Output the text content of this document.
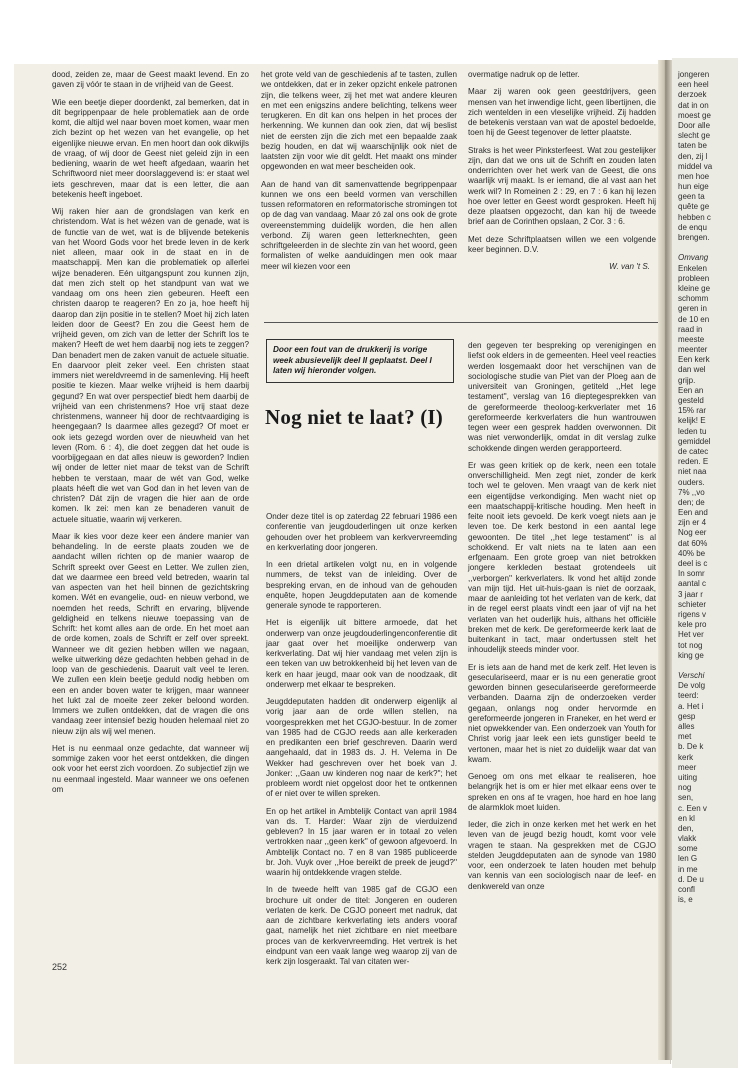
jongeren
een heel
derzoek
dat in on
moest ge
Door alle
slecht ge
taten be
den, zij l
middel va
men hoe
hun eige
geen ta
quête ge
hebben c
de enqu
brengen.
Omvang
Enkelen
probleen
kleine ge
schomm
geren in
de 10 en
raad in
meeste
meenter
Een kerk
dan wel
grijp.
Een an
gesteld
15% rar
kelijk! E
leden tu
gemiddel
de catec
reden. E
niet naa
ouders.
7% ,,vo
den; de
Een and
zijn er 4
Nog eer
dat 60%
40% be
deel is c
In somr
aantal c
3 jaar r
schieter
rigens v
kele pro
Het ver
tot nog
king ge
Verschi
De volg
teerd:
a. Het i
gesp
alles
met
b. De k
kerk
meer
uiting
nog
sen,
c. Een v
en kl
den,
vlakk
some
len G
in me
d. De u
confl
is, e

dood, zeiden ze, maar de Geest maakt levend. En zo gaven zij vóór te staan in de vrijheid van de Geest.

Wie een beetje dieper doordenkt, zal bemerken, dat in dit begrippenpaar de hele problematiek aan de orde komt, die altijd wel naar boven moet komen, waar men zich bezint op het wezen van het evangelie, op het eigenlijke nieuwe ervan. En men hoort dan ook dikwijls de vraag, of wij door de Geest niet geleid zijn in een bediening, waarin de wet heeft afgedaan, waarin het Schriftwoord niet meer doorslaggevend is: er staat wel iets geschreven, maar dat is een letter, die aan betekenis heeft ingeboet.

Wij raken hier aan de grondslagen van kerk en christendom. Wat is het wézen van de genade, wat is de functie van de wet, wat is de blijvende betekenis van het Woord Gods voor het brede leven in de kerk niet alleen, maar ook in de staat en in de maatschappij. Men kan die problematiek op allerlei wijze benaderen. Eén uitgangspunt zou kunnen zijn, dat men zich stelt op het standpunt van wat we vandaag om ons heen zien gebeuren. Heeft een christen daarop te reageren? En zo ja, hoe heeft hij daarop dan zijn positie in te stellen? Moet hij zich laten leiden door de Geest? En zou die Geest hem de vrijheid geven, om zich van de letter der Schrift los te maken? Heeft de wet hem daarbij nog iets te zeggen? Dan benadert men de zaken vanuit de actuele situatie. En daarvoor pleit zeker veel. Een christen staat immers niet wereldvreemd in de samenleving. Hij heeft positie te kiezen. Maar welke vrijheid is hem daarbij gegund? En wat over perspectief biedt hem daarbij de vrijheid van een christenmens? Hoe vrij staat deze christenmens, wanneer hij door de rechtvaardiging is heengegaan? Is daarmee alles gezegd? Of moet er ook iets gezegd worden over de nieuwheid van het leven (Rom. 6 : 4), die doet zeggen dat het oude is voorbijgegaan en dat alles nieuw is geworden? Indien wij onder de letter niet maar de tekst van de Schrift hebben te verstaan, maar de wét van God, welke plaats héeft die wet van God dan in het leven van de christen? Dát zijn de vragen die hier aan de orde komen. Ik zei: men kan ze benaderen vanuit de actuele situatie, waarin wij verkeren.

Maar ik kies voor deze keer een ándere manier van behandeling. In de eerste plaats zouden we de aandacht willen richten op de manier waarop de Schrift spreekt over Geest en Letter. We zullen zien, dat we daarmee een breed veld betreden, waarin tal van aspecten van het heil binnen de gezichtskring komen. Wét en evangelie, oud- en nieuw verbond, we noemden het reeds, Schrift en ervaring, blijvende geldigheid en telkens nieuwe toepassing van de Schrift: het komt alles aan de orde. En het moet aan de orde komen, zoals de Schrift er zelf over spreekt. Wanneer we dit gezien hebben willen we nagaan, welke uitwerking déze gedachten hebben gehad in de loop van de geschiedenis. Daaruit valt veel te leren. We zullen een klein beetje geduld nodig hebben om een en ander boven water te krijgen, maar wanneer het lukt zal de moeite zeer zeker beloond worden. Immers we zullen ontdekken, dat de vragen die ons vandaag zeer intensief bezig houden helemaal niet zo nieuw zijn als wij wel menen.

Het is nu eenmaal onze gedachte, dat wanneer wij sommige zaken voor het eerst ontdekken, die dingen ook voor het eerst zich voordoen. Zo subjectief zijn we nu eenmaal ingesteld. Maar wanneer we ons oefenen om

het grote veld van de geschiedenis af te tasten, zullen we ontdekken, dat er in zeker opzicht enkele patronen zijn, die telkens weer, zij het met wat andere kleuren en met een enigszins andere belichting, telkens weer terugkeren. En dit kan ons helpen in het proces der herkenning. We kunnen dan ook zien, dat wij beslist niet de eersten zijn die zich met een bepaalde zaak bezig houden, en dat wij waarschijnlijk ook niet de laatsten zijn voor wie dit geldt. Het maakt ons minder opgewonden en wat meer bescheiden ook.

Aan de hand van dit samenvattende begrippenpaar kunnen we ons een beeld vormen van verschillen tussen reformatoren en reformatorische stromingen tot op de dag van vandaag. Maar zó zal ons ook de grote overeenstemming duidelijk worden, die hen allen verbond. Zij waren geen letterknechten, geen schriftgeleerden in de slechte zin van het woord, geen formalisten of welke aanduidingen men ook maar meer wil kiezen voor een

overmatige nadruk op de letter.

Maar zij waren ook geen geestdrijvers, geen mensen van het inwendige licht, geen libertijnen, die zich wentelden in een vleselijke vrijheid. Zij hadden de betekenis verstaan van wat de apostel bedoelde, toen hij de Geest tegenover de letter plaatste.

Straks is het weer Pinksterfeest. Wat zou gestelijker zijn, dan dat we ons uit de Schrift en zouden laten onderrichten over het werk van de Geest, die ons waarlijk vrij maakt. Is er iemand, die al vast aan het werk wil? In Romeinen 2 : 29, en 7 : 6 kan hij lezen hoe over letter en Geest wordt gesproken. Heeft hij deze plaatsen opgezocht, dan kan hij de tweede brief aan de Corinthen opslaan, 2 Cor. 3 : 6.

Met deze Schriftplaatsen willen we een volgende keer beginnen. D.V.

W. van 't S.
Door een fout van de drukkerij is vorige week abusievelijk deel II geplaatst. Deel I laten wij hieronder volgen.
Nog niet te laat? (I)

Onder deze titel is op zaterdag 22 februari 1986 een conferentie van jeugdouderlingen uit onze kerken gehouden over het probleem van kerkvervreemding en kerkverlating door jongeren.

In een drietal artikelen volgt nu, en in volgende nummers, de tekst van de inleiding. Over de bespreking ervan, en de inhoud van de gehouden enquête, hopen Jeugddeputaten aan de komende generale synode te rapporteren.

Het is eigenlijk uit bittere armoede, dat het onderwerp van onze jeugdouderlingenconferentie dit jaar gaat over het moeilijke onderwerp van kerkverlating. Dat wij hier vandaag met velen zijn is een teken van uw betrokkenheid bij het leven van de kerk en haar jeugd, maar ook van de noodzaak, dit onderwerp met elkaar te bespreken.

Jeugddeputaten hadden dit onderwerp eigenlijk al vorig jaar aan de orde willen stellen, na voorgesprekken met het CGJO-bestuur. In de zomer van 1985 had de CGJO reeds aan alle kerkeraden en predikanten een brief geschreven. Daarin werd aangehaald, dat in 1983 ds. J. H. Velema in De Wekker had geschreven over het boek van J. Jonker: ,,Gaan uw kinderen nog naar de kerk?''; het probleem wordt niet opgelost door het te ontkennen of er niet over te willen spreken.

En op het artikel in Ambtelijk Contact van april 1984 van ds. T. Harder: Waar zijn de vierduizend gebleven? In 15 jaar waren er in totaal zo velen vertrokken naar ,,geen kerk'' of gewoon afgevoerd. In Ambtelijk Contact no. 7 en 8 van 1985 publiceerde br. Joh. Vuyk over ,,Hoe bereikt de preek de jeugd?'' waarin hij ontdekkende vragen stelde.

In de tweede helft van 1985 gaf de CGJO een brochure uit onder de titel: Jongeren en ouderen verlaten de kerk. De CGJO poneert met nadruk, dat aan de zichtbare kerkverlating iets anders vooraf gaat, namelijk het niet zichtbare en niet meetbare proces van de kerkvervreemding. Het vertrek is het eindpunt van een vaak lange weg waarop zij van de kerk zijn losgeraakt. Tal van citaten wer-

den gegeven ter bespreking op verenigingen en liefst ook elders in de gemeenten. Heel veel reacties werden losgemaakt door het verschijnen van de sociologische studie van Piet van der Ploeg aan de universiteit van Groningen, getiteld ,,Het lege testament'', verslag van 16 dieptegesprekken van de gereformeerde theoloog-kerkverlater met 16 gereformeerde kerkverlaters die hun wantrouwen tegen weer een gesprek hadden overwonnen. Dit was niet verwonderlijk, omdat in dit verslag zulke schokkende dingen werden gerapporteerd.

Er was geen kritiek op de kerk, neen een totale onverschilligheid. Men zegt niet, zonder de kerk toch wel te geloven. Men vraagt van de kerk niet een eigentijdse verkondiging. Men wacht niet op een maatschappij-kritische houding. Men heeft in feite nooit iets gevoeld. De kerk voegt niets aan je leven toe. De kerk bestond in een aantal lege gewoonten. De titel ,,het lege testament'' is al schokkend. Er valt niets na te laten aan een erfgenaam. Een grote groep van niet betrokken jongere kerkleden bestaat grotendeels uit ,,verborgen'' kerkverlaters. Ik vond het altijd zonde van mijn tijd. Het uit-huis-gaan is niet de oorzaak, maar de aanleiding tot het verlaten van de kerk, dat in de regel eerst plaats vindt een jaar of vijf na het verlaten van het ouderlijk huis, althans het officiële breken met de kerk. De gereformeerde kerk laat de buitenkant in tact, maar ondertussen stelt het inhoudelijk steeds minder voor.

Er is iets aan de hand met de kerk zelf. Het leven is geseculariseerd, maar er is nu een generatie groot geworden binnen geseculariseerde gereformeerde verbanden. Daarna zijn de onderzoeken verder gegaan, onlangs nog onder hervormde en gereformeerde jongeren in Franeker, en het werd er niet opwekkender van. Een onderzoek van Youth for Christ vorig jaar leek een iets gunstiger beeld te vertonen, maar het is niet zo duidelijk waar dat van kwam.

Genoeg om ons met elkaar te realiseren, hoe belangrijk het is om er hier met elkaar eens over te spreken en ons af te vragen, hoe hard en hoe lang de alarmklok moet luiden.

Ieder, die zich in onze kerken met het werk en het leven van de jeugd bezig houdt, komt voor vele vragen te staan. Na gesprekken met de CGJO stelden Jeugddeputaten aan de synode van 1980 voor, een onderzoek te laten houden met behulp van kennis van een sociologisch naar de leef- en denkwereld van onze

252
